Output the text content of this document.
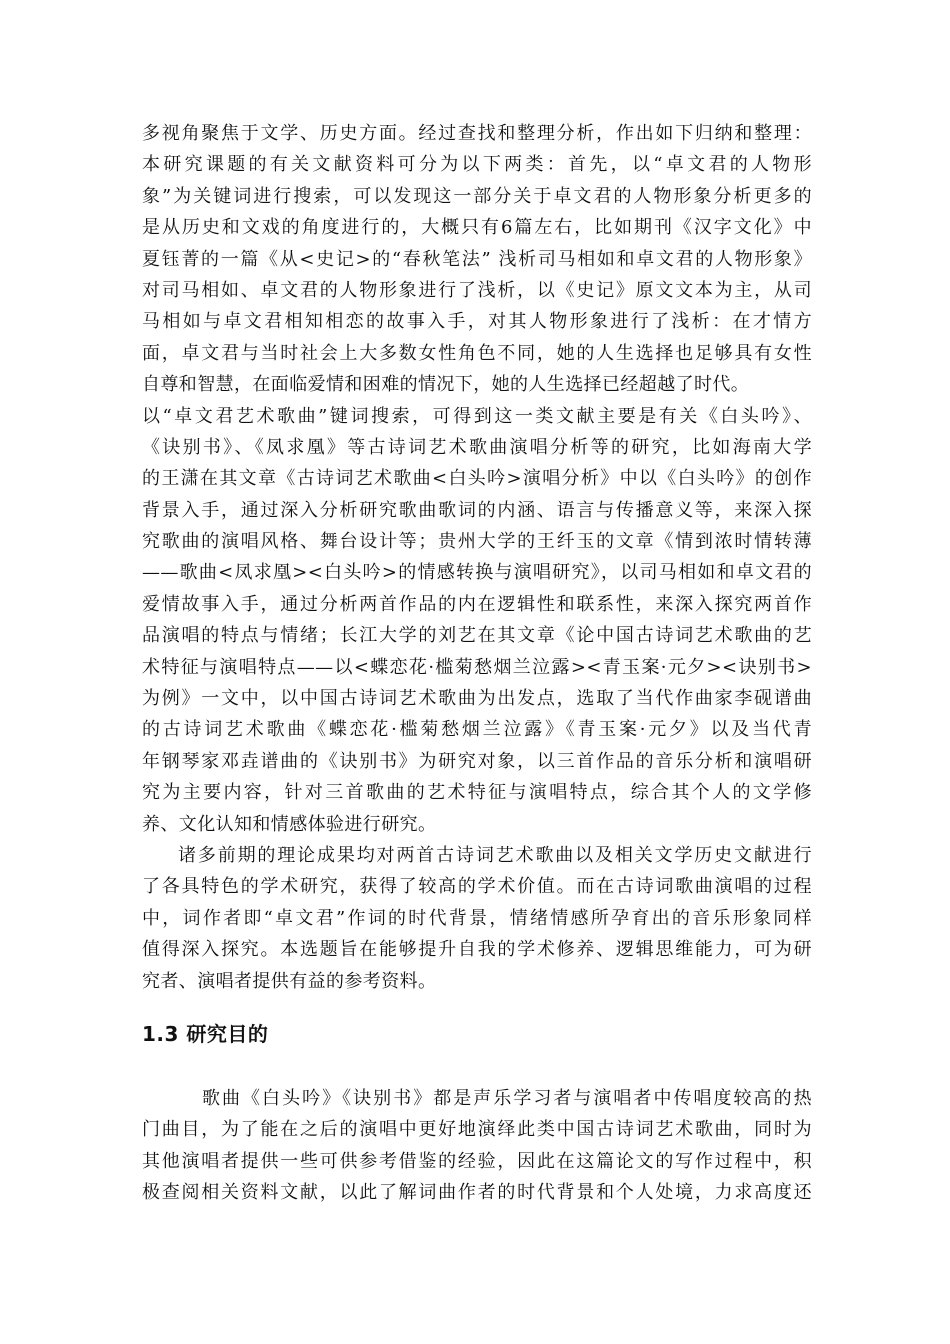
多视角聚焦于文学、历史方面。经过查找和整理分析，作出如下归纳和整理：
本研究课题的有关文献资料可分为以下两类：首先，以“卓文君的人物形
象”为关键词进行搜索，可以发现这一部分关于卓文君的人物形象分析更多的
是从历史和文戏的角度进行的，大概只有6篇左右，比如期刊《汉字文化》中
夏钰菁的一篇《从<史记>的“春秋笔法” 浅析司马相如和卓文君的人物形象》
对司马相如、卓文君的人物形象进行了浅析，以《史记》原文文本为主，从司
马相如与卓文君相知相恋的故事入手，对其人物形象进行了浅析：在才情方
面，卓文君与当时社会上大多数女性角色不同，她的人生选择也足够具有女性
自尊和智慧，在面临爱情和困难的情况下，她的人生选择已经超越了时代。
以“卓文君艺术歌曲”键词搜索，可得到这一类文献主要是有关《白头吟》、
《诀别书》、《凤求凰》等古诗词艺术歌曲演唱分析等的研究，比如海南大学
的王潇在其文章《古诗词艺术歌曲<白头吟>演唱分析》中以《白头吟》的创作
背景入手，通过深入分析研究歌曲歌词的内涵、语言与传播意义等，来深入探
究歌曲的演唱风格、舞台设计等；贵州大学的王纤玉的文章《情到浓时情转薄
——歌曲<凤求凰><白头吟>的情感转换与演唱研究》，以司马相如和卓文君的
爱情故事入手，通过分析两首作品的内在逻辑性和联系性，来深入探究两首作
品演唱的特点与情绪；长江大学的刘艺在其文章《论中国古诗词艺术歌曲的艺
术特征与演唱特点——以<蝶恋花·槛菊愁烟兰泣露><青玉案·元夕><诀别书>
为例》一文中，以中国古诗词艺术歌曲为出发点，选取了当代作曲家李砚谱曲
的古诗词艺术歌曲《蝶恋花·槛菊愁烟兰泣露》《青玉案·元夕》以及当代青
年钢琴家邓垚谱曲的《诀别书》为研究对象，以三首作品的音乐分析和演唱研
究为主要内容，针对三首歌曲的艺术特征与演唱特点，综合其个人的文学修
养、文化认知和情感体验进行研究。
诸多前期的理论成果均对两首古诗词艺术歌曲以及相关文学历史文献进行
了各具特色的学术研究，获得了较高的学术价值。而在古诗词歌曲演唱的过程
中，词作者即“卓文君”作词的时代背景，情绪情感所孕育出的音乐形象同样
值得深入探究。本选题旨在能够提升自我的学术修养、逻辑思维能力，可为研
究者、演唱者提供有益的参考资料。
1.3 研究目的
歌曲《白头吟》《诀别书》都是声乐学习者与演唱者中传唱度较高的热
门曲目，为了能在之后的演唱中更好地演绎此类中国古诗词艺术歌曲，同时为
其他演唱者提供一些可供参考借鉴的经验，因此在这篇论文的写作过程中，积
极查阅相关资料文献，以此了解词曲作者的时代背景和个人处境，力求高度还
